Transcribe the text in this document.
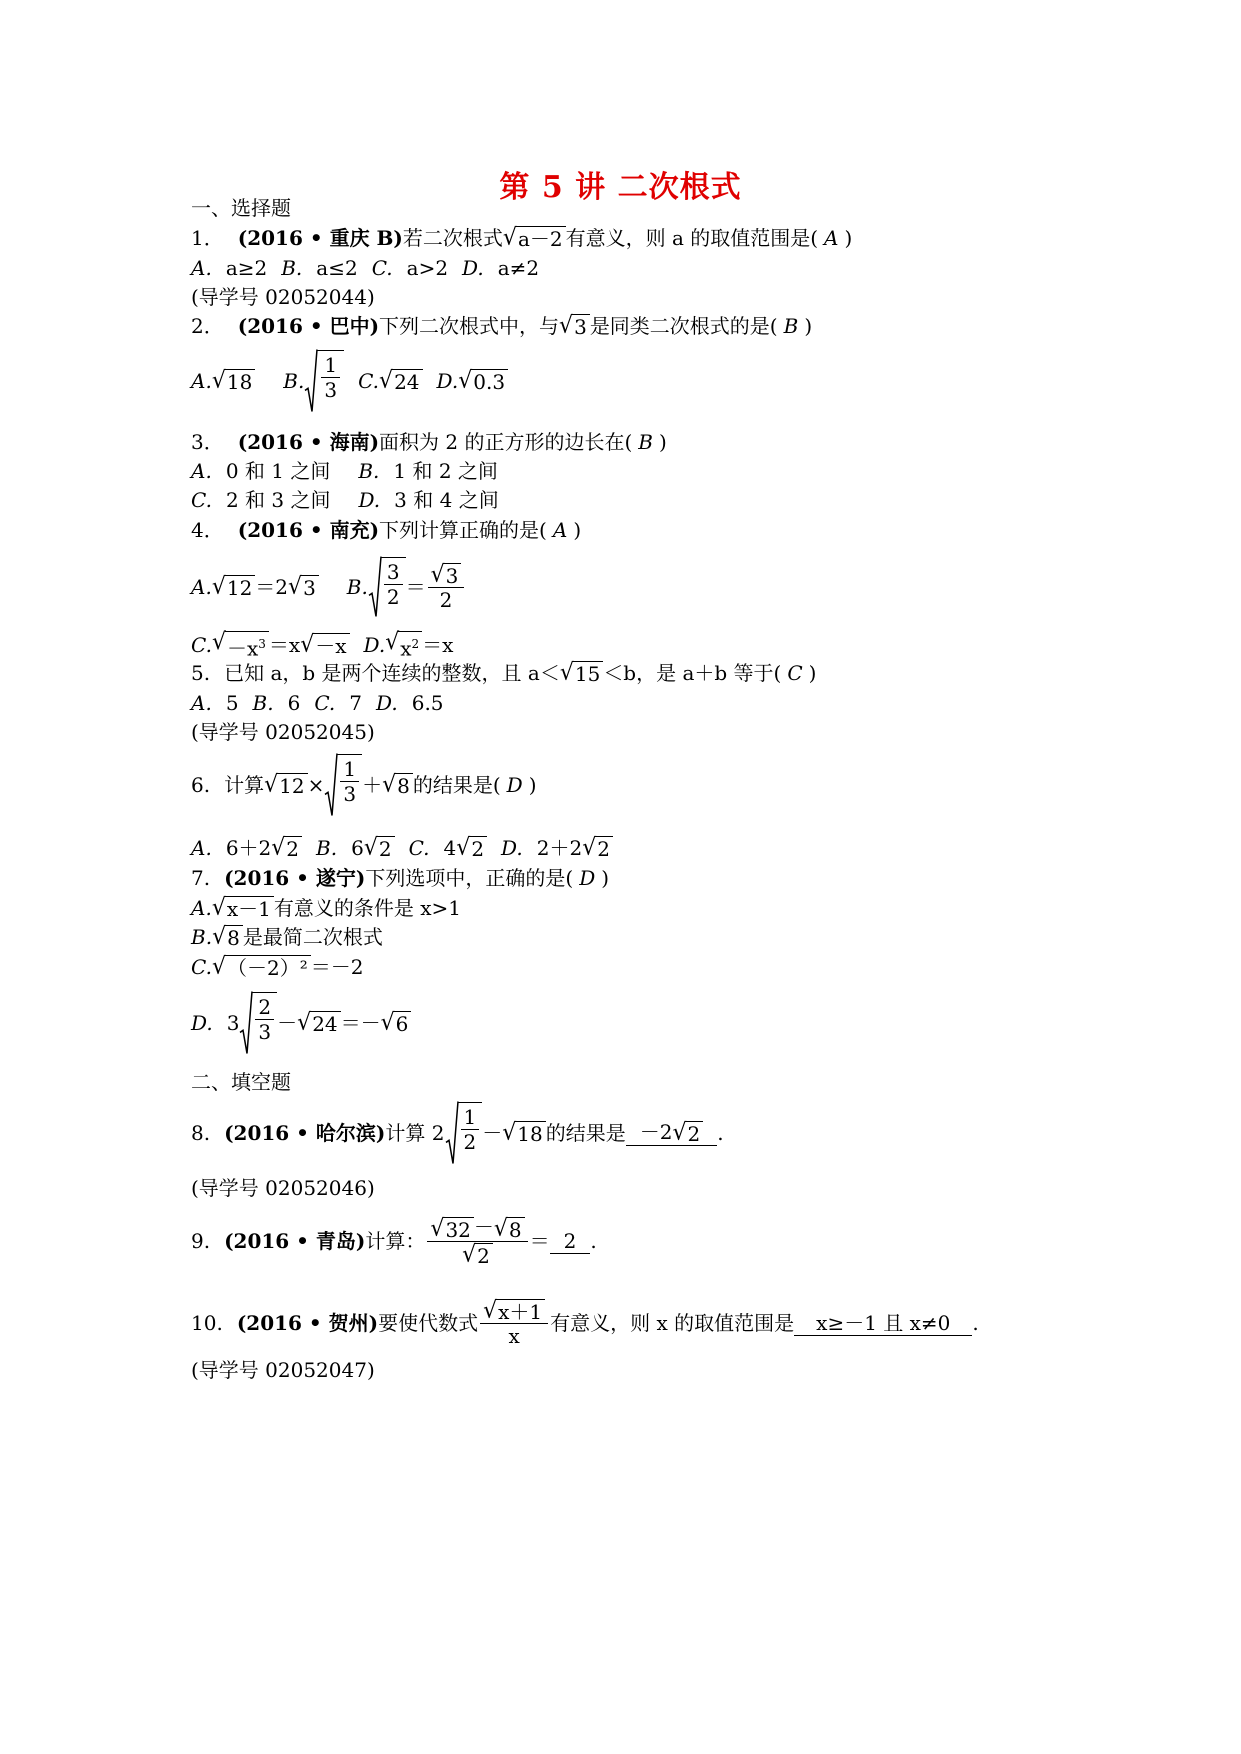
第 5 讲 二次根式
一、选择题
1． (2016 • 重庆 B) 若二次根式 √ a－2 有意义，则 a 的取值范围是( A )
A. a≥2 B. a≤2 C. a>2 D. a≠2
(导学号 02052044)
2． (2016 • 巴中) 下列二次根式中，与 √ 3 是同类二次根式的是( B )
A. √ 18 B. $\frac{1}{3} C$. √ 24 D. √ 0.3
3． (2016 • 海南) 面积为 2 的正方形的边长在( B )
A. 0 和 1 之间 B. 1 和 2 之间
C. 2 和 3 之间 D. 3 和 4 之间
4． (2016 • 南充) 下列计算正确的是( A )
A. √ 12 ＝2 √ 3 B. $\frac{3}{2} = \frac{√ 3}{2}$
C. √ $-x^3 =x$ √ －x D. √ $x^2 =x$
5. 已知 a，b 是两个连续的整数，且 a＜ √ 15 ＜b，是 a＋b 等于( C )
A. 5 B. 6 C. 7 D. 6.5
(导学号 02052045)
6. 计算 √ $12 \times \frac{1}{3}$ ＋ √ 8 的结果是( D )
A. 6＋2 √ 2 B. 6 √ 2 C. 4 √ 2 D. 2＋2 √ 2
7. (2016 • 遂宁) 下列选项中，正确的是( D )
A. √ x－1 有意义的条件是 x>1
B. √ 8 是最简二次根式
C. √ （－2）² ＝－2
D. $3 \frac{2}{3}$ － √ 24 ＝－ √ 6
二、填空题
8. (2016 • 哈尔滨) 计算 $2 \frac{1}{2}$ － √ 18 的结果是 －2 √ 2 .
(导学号 02052046)
9. (2016 • 青岛) 计算： $\frac{√ 32 - √ 8}{√ 2} = 2$ .
10. (2016 • 贺州) 要使代数式 $\frac{√ x+1}{x}$ 有意义，则 x 的取值范围是	x≥－1 且 x≠0	.
(导学号 02052047)
